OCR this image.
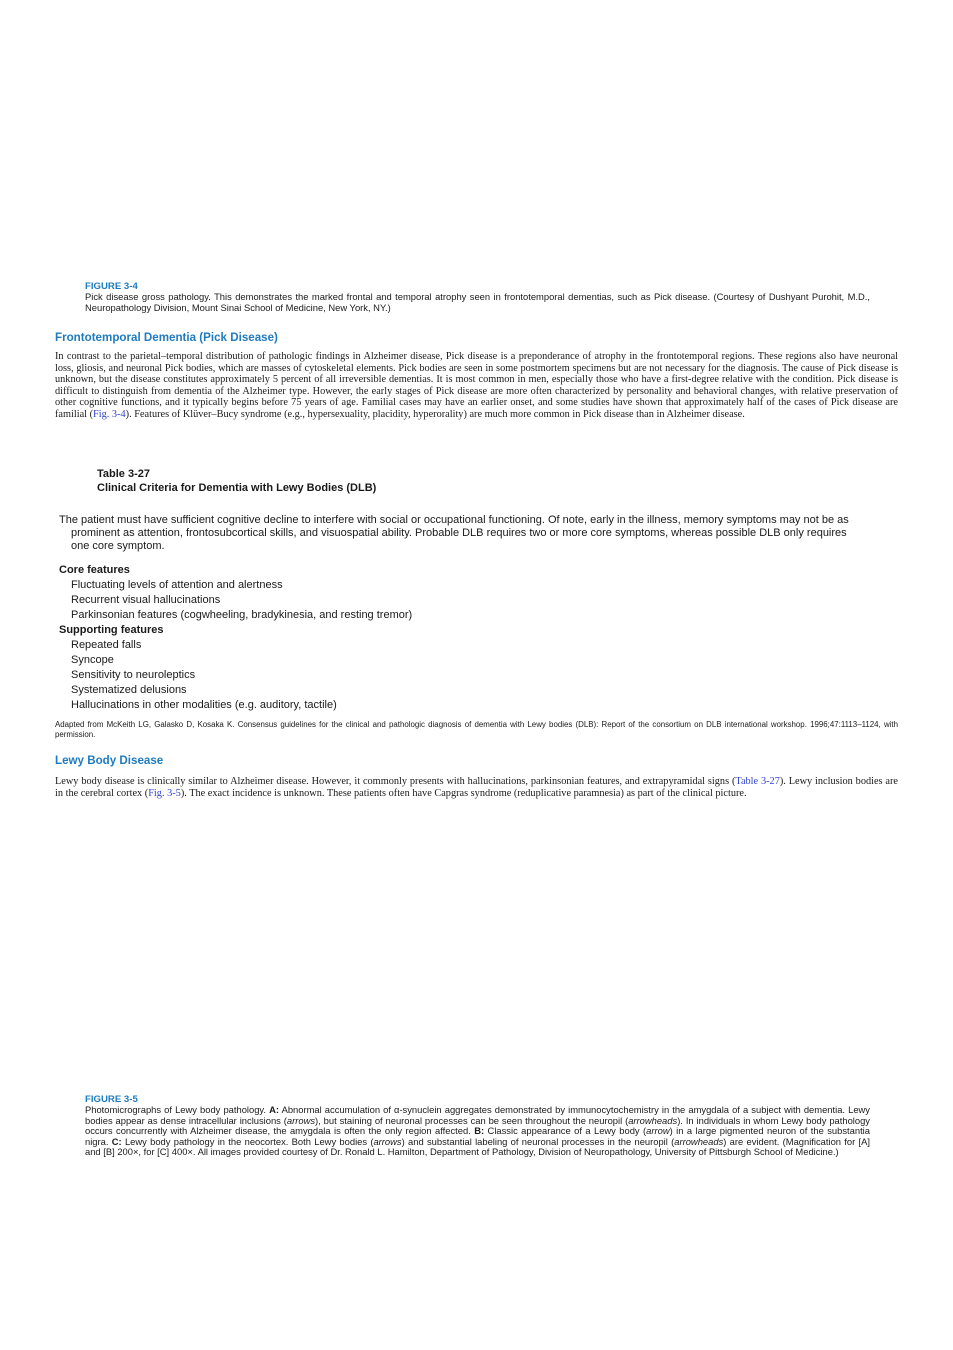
FIGURE 3-4
Pick disease gross pathology. This demonstrates the marked frontal and temporal atrophy seen in frontotemporal dementias, such as Pick disease. (Courtesy of Dushyant Purohit, M.D., Neuropathology Division, Mount Sinai School of Medicine, New York, NY.)
Frontotemporal Dementia (Pick Disease)
In contrast to the parietal–temporal distribution of pathologic findings in Alzheimer disease, Pick disease is a preponderance of atrophy in the frontotemporal regions. These regions also have neuronal loss, gliosis, and neuronal Pick bodies, which are masses of cytoskeletal elements. Pick bodies are seen in some postmortem specimens but are not necessary for the diagnosis. The cause of Pick disease is unknown, but the disease constitutes approximately 5 percent of all irreversible dementias. It is most common in men, especially those who have a first-degree relative with the condition. Pick disease is difficult to distinguish from dementia of the Alzheimer type. However, the early stages of Pick disease are more often characterized by personality and behavioral changes, with relative preservation of other cognitive functions, and it typically begins before 75 years of age. Familial cases may have an earlier onset, and some studies have shown that approximately half of the cases of Pick disease are familial (Fig. 3-4). Features of Klüver–Bucy syndrome (e.g., hypersexuality, placidity, hyperorality) are much more common in Pick disease than in Alzheimer disease.
Table 3-27
Clinical Criteria for Dementia with Lewy Bodies (DLB)
The patient must have sufficient cognitive decline to interfere with social or occupational functioning. Of note, early in the illness, memory symptoms may not be as
prominent as attention, frontosubcortical skills, and visuospatial ability. Probable DLB requires two or more core symptoms, whereas possible DLB only requires
one core symptom.
Core features
Fluctuating levels of attention and alertness
Recurrent visual hallucinations
Parkinsonian features (cogwheeling, bradykinesia, and resting tremor)
Supporting features
Repeated falls
Syncope
Sensitivity to neuroleptics
Systematized delusions
Hallucinations in other modalities (e.g. auditory, tactile)
Adapted from McKeith LG, Galasko D, Kosaka K. Consensus guidelines for the clinical and pathologic diagnosis of dementia with Lewy bodies (DLB): Report of the consortium on DLB international workshop. 1996;47:1113–1124, with permission.
Lewy Body Disease
Lewy body disease is clinically similar to Alzheimer disease. However, it commonly presents with hallucinations, parkinsonian features, and extrapyramidal signs (Table 3-27). Lewy inclusion bodies are in the cerebral cortex (Fig. 3-5). The exact incidence is unknown. These patients often have Capgras syndrome (reduplicative paramnesia) as part of the clinical picture.
FIGURE 3-5
Photomicrographs of Lewy body pathology. A: Abnormal accumulation of α-synuclein aggregates demonstrated by immunocytochemistry in the amygdala of a subject with dementia. Lewy bodies appear as dense intracellular inclusions (arrows), but staining of neuronal processes can be seen throughout the neuropil (arrowheads). In individuals in whom Lewy body pathology occurs concurrently with Alzheimer disease, the amygdala is often the only region affected. B: Classic appearance of a Lewy body (arrow) in a large pigmented neuron of the substantia nigra. C: Lewy body pathology in the neocortex. Both Lewy bodies (arrows) and substantial labeling of neuronal processes in the neuropil (arrowheads) are evident. (Magnification for [A] and [B] 200×, for [C] 400×. All images provided courtesy of Dr. Ronald L. Hamilton, Department of Pathology, Division of Neuropathology, University of Pittsburgh School of Medicine.)
